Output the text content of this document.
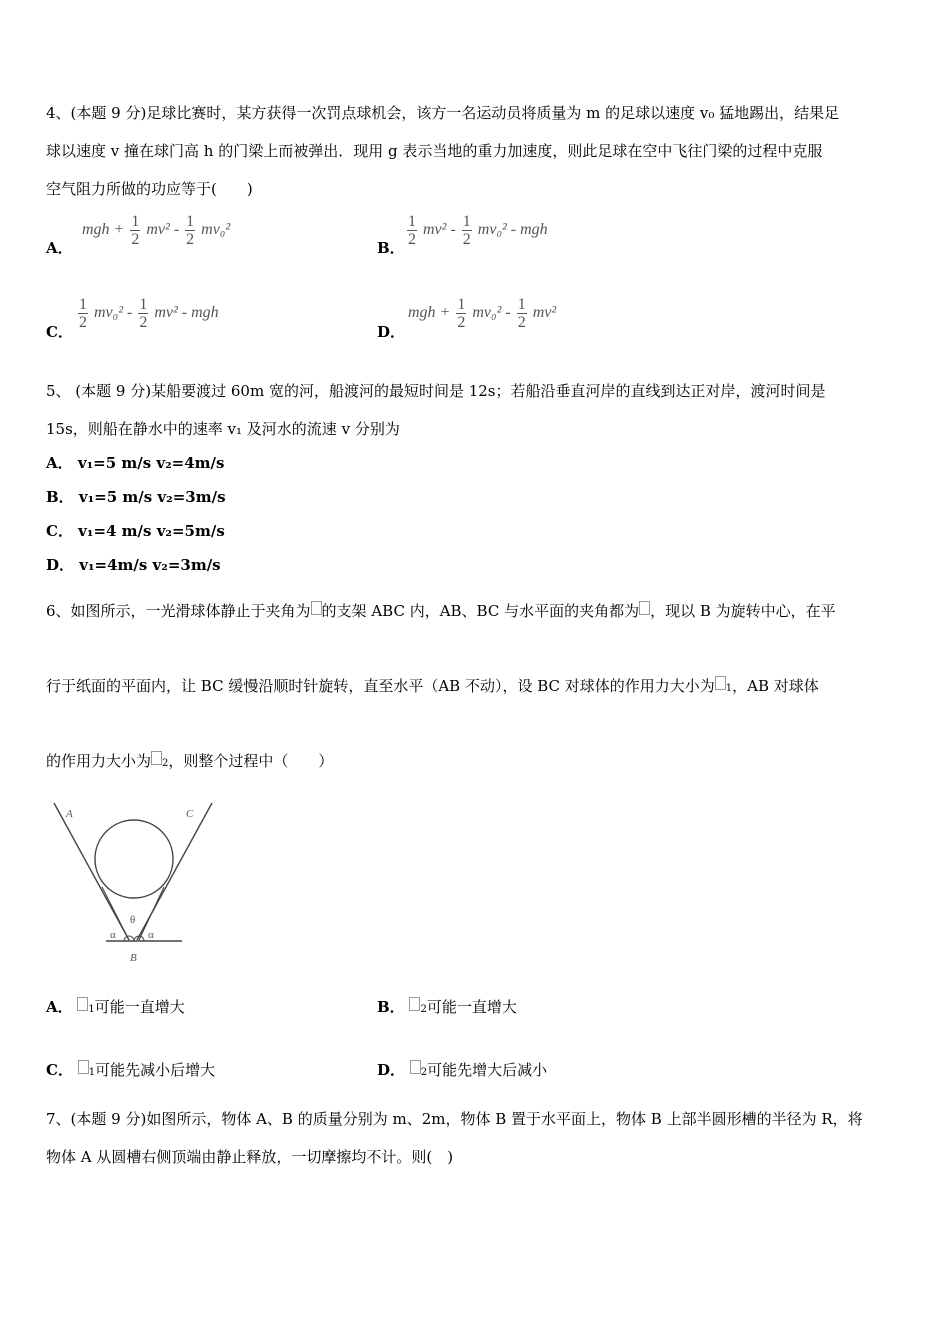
4、(本题 9 分)足球比赛时，某方获得一次罚点球机会，该方一名运动员将质量为 m 的足球以速度 v₀ 猛地踢出，结果足
球以速度 v 撞在球门高 h 的门梁上而被弹出．现用 g 表示当地的重力加速度，则此足球在空中飞往门梁的过程中克服
空气阻力所做的功应等于(　　)
A．
mgh + $\frac{1}{2} mv^2 - \frac{1}{2} mv_0^2$
B． $\frac{1}{2} mv^2 - \frac{1}{2} mv_0^2$ - mgh
C．
$\frac{1}{2} mv_0^2 - \frac{1}{2} mv^2$ - mgh
D．
mgh + $\frac{1}{2} mv_0^2 - \frac{1}{2} mv^2$
5、 (本题 9 分)某船要渡过 60m 宽的河，船渡河的最短时间是 12s；若船沿垂直河岸的直线到达正对岸，渡河时间是
15s，则船在静水中的速率 v₁ 及河水的流速 v 分别为
A． v₁=5 m/s v₂=4m/s
B． v₁=5 m/s v₂=3m/s
C． v₁=4 m/s v₂=5m/s
D． v₁=4m/s v₂=3m/s
6、如图所示，一光滑球体静止于夹角为 的支架 ABC 内，AB、BC 与水平面的夹角都为 ，现以 B 为旋转中心，在平
行于纸面的平面内，让 BC 缓慢沿顺时针旋转，直至水平（AB 不动），设 BC 对球体的作用力大小为 1，AB 对球体
的作用力大小为 2，则整个过程中（　　）
A	C
B
θ
α	α
A． 1可能一直增大	B． 2可能一直增大
C． 1可能先减小后增大	D． 2可能先增大后减小
7、(本题 9 分)如图所示，物体 A、B 的质量分别为 m、2m，物体 B 置于水平面上，物体 B 上部半圆形槽的半径为 R，将
物体 A 从圆槽右侧顶端由静止释放，一切摩擦均不计。则(　)
